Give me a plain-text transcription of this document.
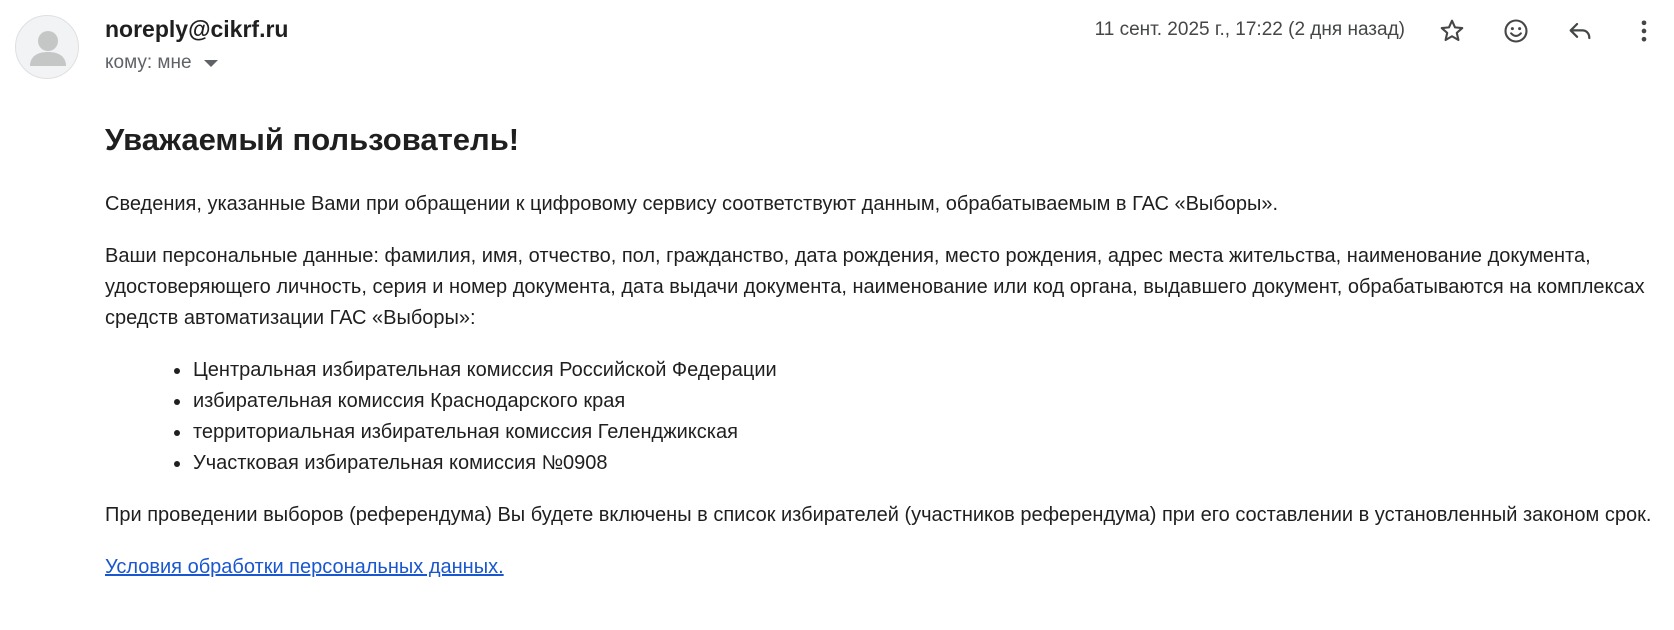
noreply@cikrf.ru
кому: мне
11 сент. 2025 г., 17:22 (2 дня назад)
Уважаемый пользователь!
Сведения, указанные Вами при обращении к цифровому сервису соответствуют данным, обрабатываемым в ГАС «Выборы».
Ваши персональные данные: фамилия, имя, отчество, пол, гражданство, дата рождения, место рождения, адрес места жительства, наименование документа, удостоверяющего личность, серия и номер документа, дата выдачи документа, наименование или код органа, выдавшего документ, обрабатываются на комплексах средств автоматизации ГАС «Выборы»:
Центральная избирательная комиссия Российской Федерации
избирательная комиссия Краснодарского края
территориальная избирательная комиссия Геленджикская
Участковая избирательная комиссия №0908
При проведении выборов (референдума) Вы будете включены в список избирателей (участников референдума) при его составлении в установленный законом срок.
Условия обработки персональных данных.
